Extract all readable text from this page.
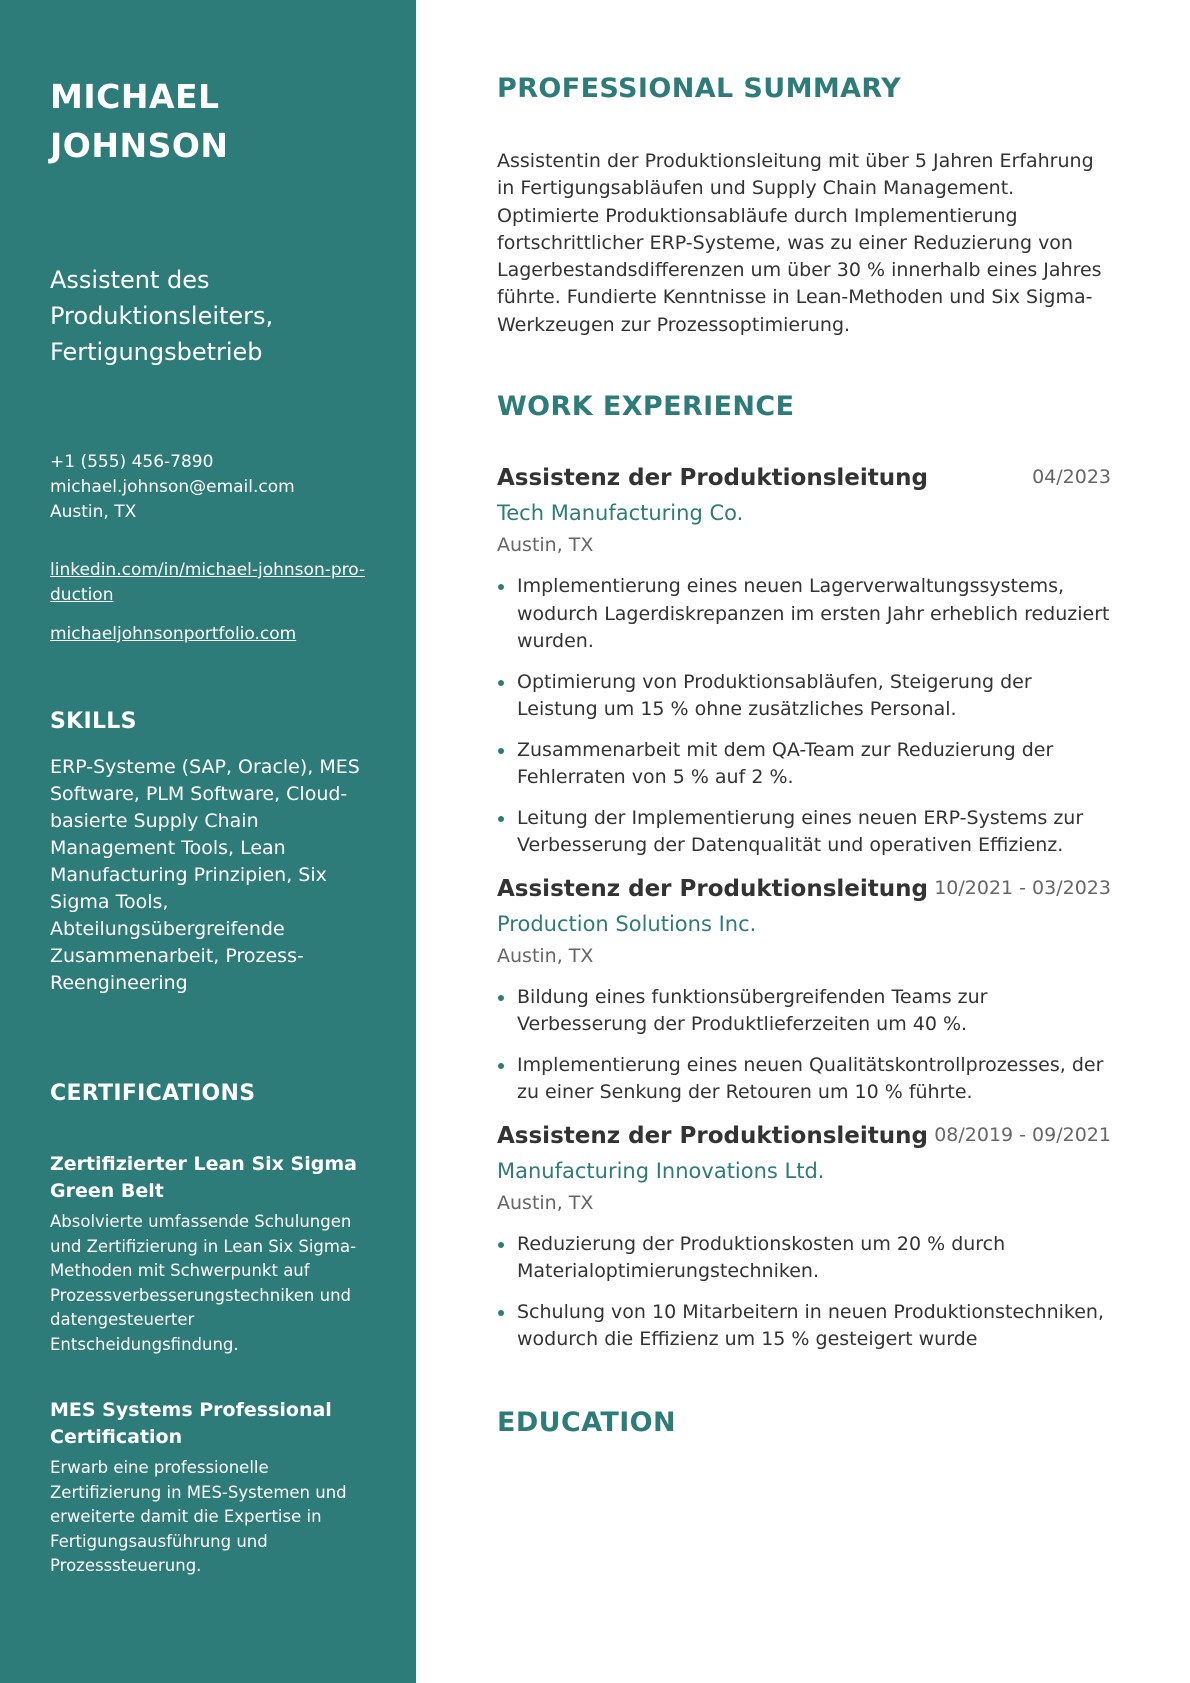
MICHAEL
JOHNSON
Assistent des
Produktionsleiters,
Fertigungsbetrieb
+1 (555) 456-7890
michael.johnson@email.com
Austin, TX
linkedin.com/in/michael-johnson-pro-
duction
michaeljohnsonportfolio.com
SKILLS

ERP-Systeme (SAP, Oracle), MES Software, PLM Software, Cloud-basierte Supply Chain Management Tools, Lean Manufacturing Prinzipien, Six Sigma Tools, Abteilungsübergreifende Zusammenarbeit, Prozess-Reengineering

CERTIFICATIONS
Zertifizierter Lean Six Sigma Green Belt
Absolvierte umfassende Schulungen und Zertifizierung in Lean Six Sigma-Methoden mit Schwerpunkt auf Prozessverbesserungstechniken und datengesteuerter Entscheidungsfindung.
MES Systems Professional Certification
Erwarb eine professionelle Zertifizierung in MES-Systemen und erweiterte damit die Expertise in Fertigungsausführung und Prozesssteuerung.
PROFESSIONAL SUMMARY

Assistentin der Produktionsleitung mit über 5 Jahren Erfahrung in Fertigungsabläufen und Supply Chain Management. Optimierte Produktionsabläufe durch Implementierung fortschrittlicher ERP-Systeme, was zu einer Reduzierung von Lagerbestandsdifferenzen um über 30 % innerhalb eines Jahres führte. Fundierte Kenntnisse in Lean-Methoden und Six Sigma-Werkzeugen zur Prozessoptimierung.

WORK EXPERIENCE
Assistenz der Produktionsleitung	04/2023
Tech Manufacturing Co.
Austin, TX
Implementierung eines neuen Lagerverwaltungssystems, wodurch Lagerdiskrepanzen im ersten Jahr erheblich reduziert wurden.
Optimierung von Produktionsabläufen, Steigerung der Leistung um 15 % ohne zusätzliches Personal.
Zusammenarbeit mit dem QA-Team zur Reduzierung der Fehlerraten von 5 % auf 2 %.
Leitung der Implementierung eines neuen ERP-Systems zur Verbesserung der Datenqualität und operativen Effizienz.
Assistenz der Produktionsleitung 10/2021 - 03/2023
Production Solutions Inc.
Austin, TX
Bildung eines funktionsübergreifenden Teams zur Verbesserung der Produktlieferzeiten um 40 %.
Implementierung eines neuen Qualitätskontrollprozesses, der zu einer Senkung der Retouren um 10 % führte.
Assistenz der Produktionsleitung 08/2019 - 09/2021
Manufacturing Innovations Ltd.
Austin, TX
Reduzierung der Produktionskosten um 20 % durch Materialoptimierungstechniken.
Schulung von 10 Mitarbeitern in neuen Produktionstechniken, wodurch die Effizienz um 15 % gesteigert wurde
EDUCATION
